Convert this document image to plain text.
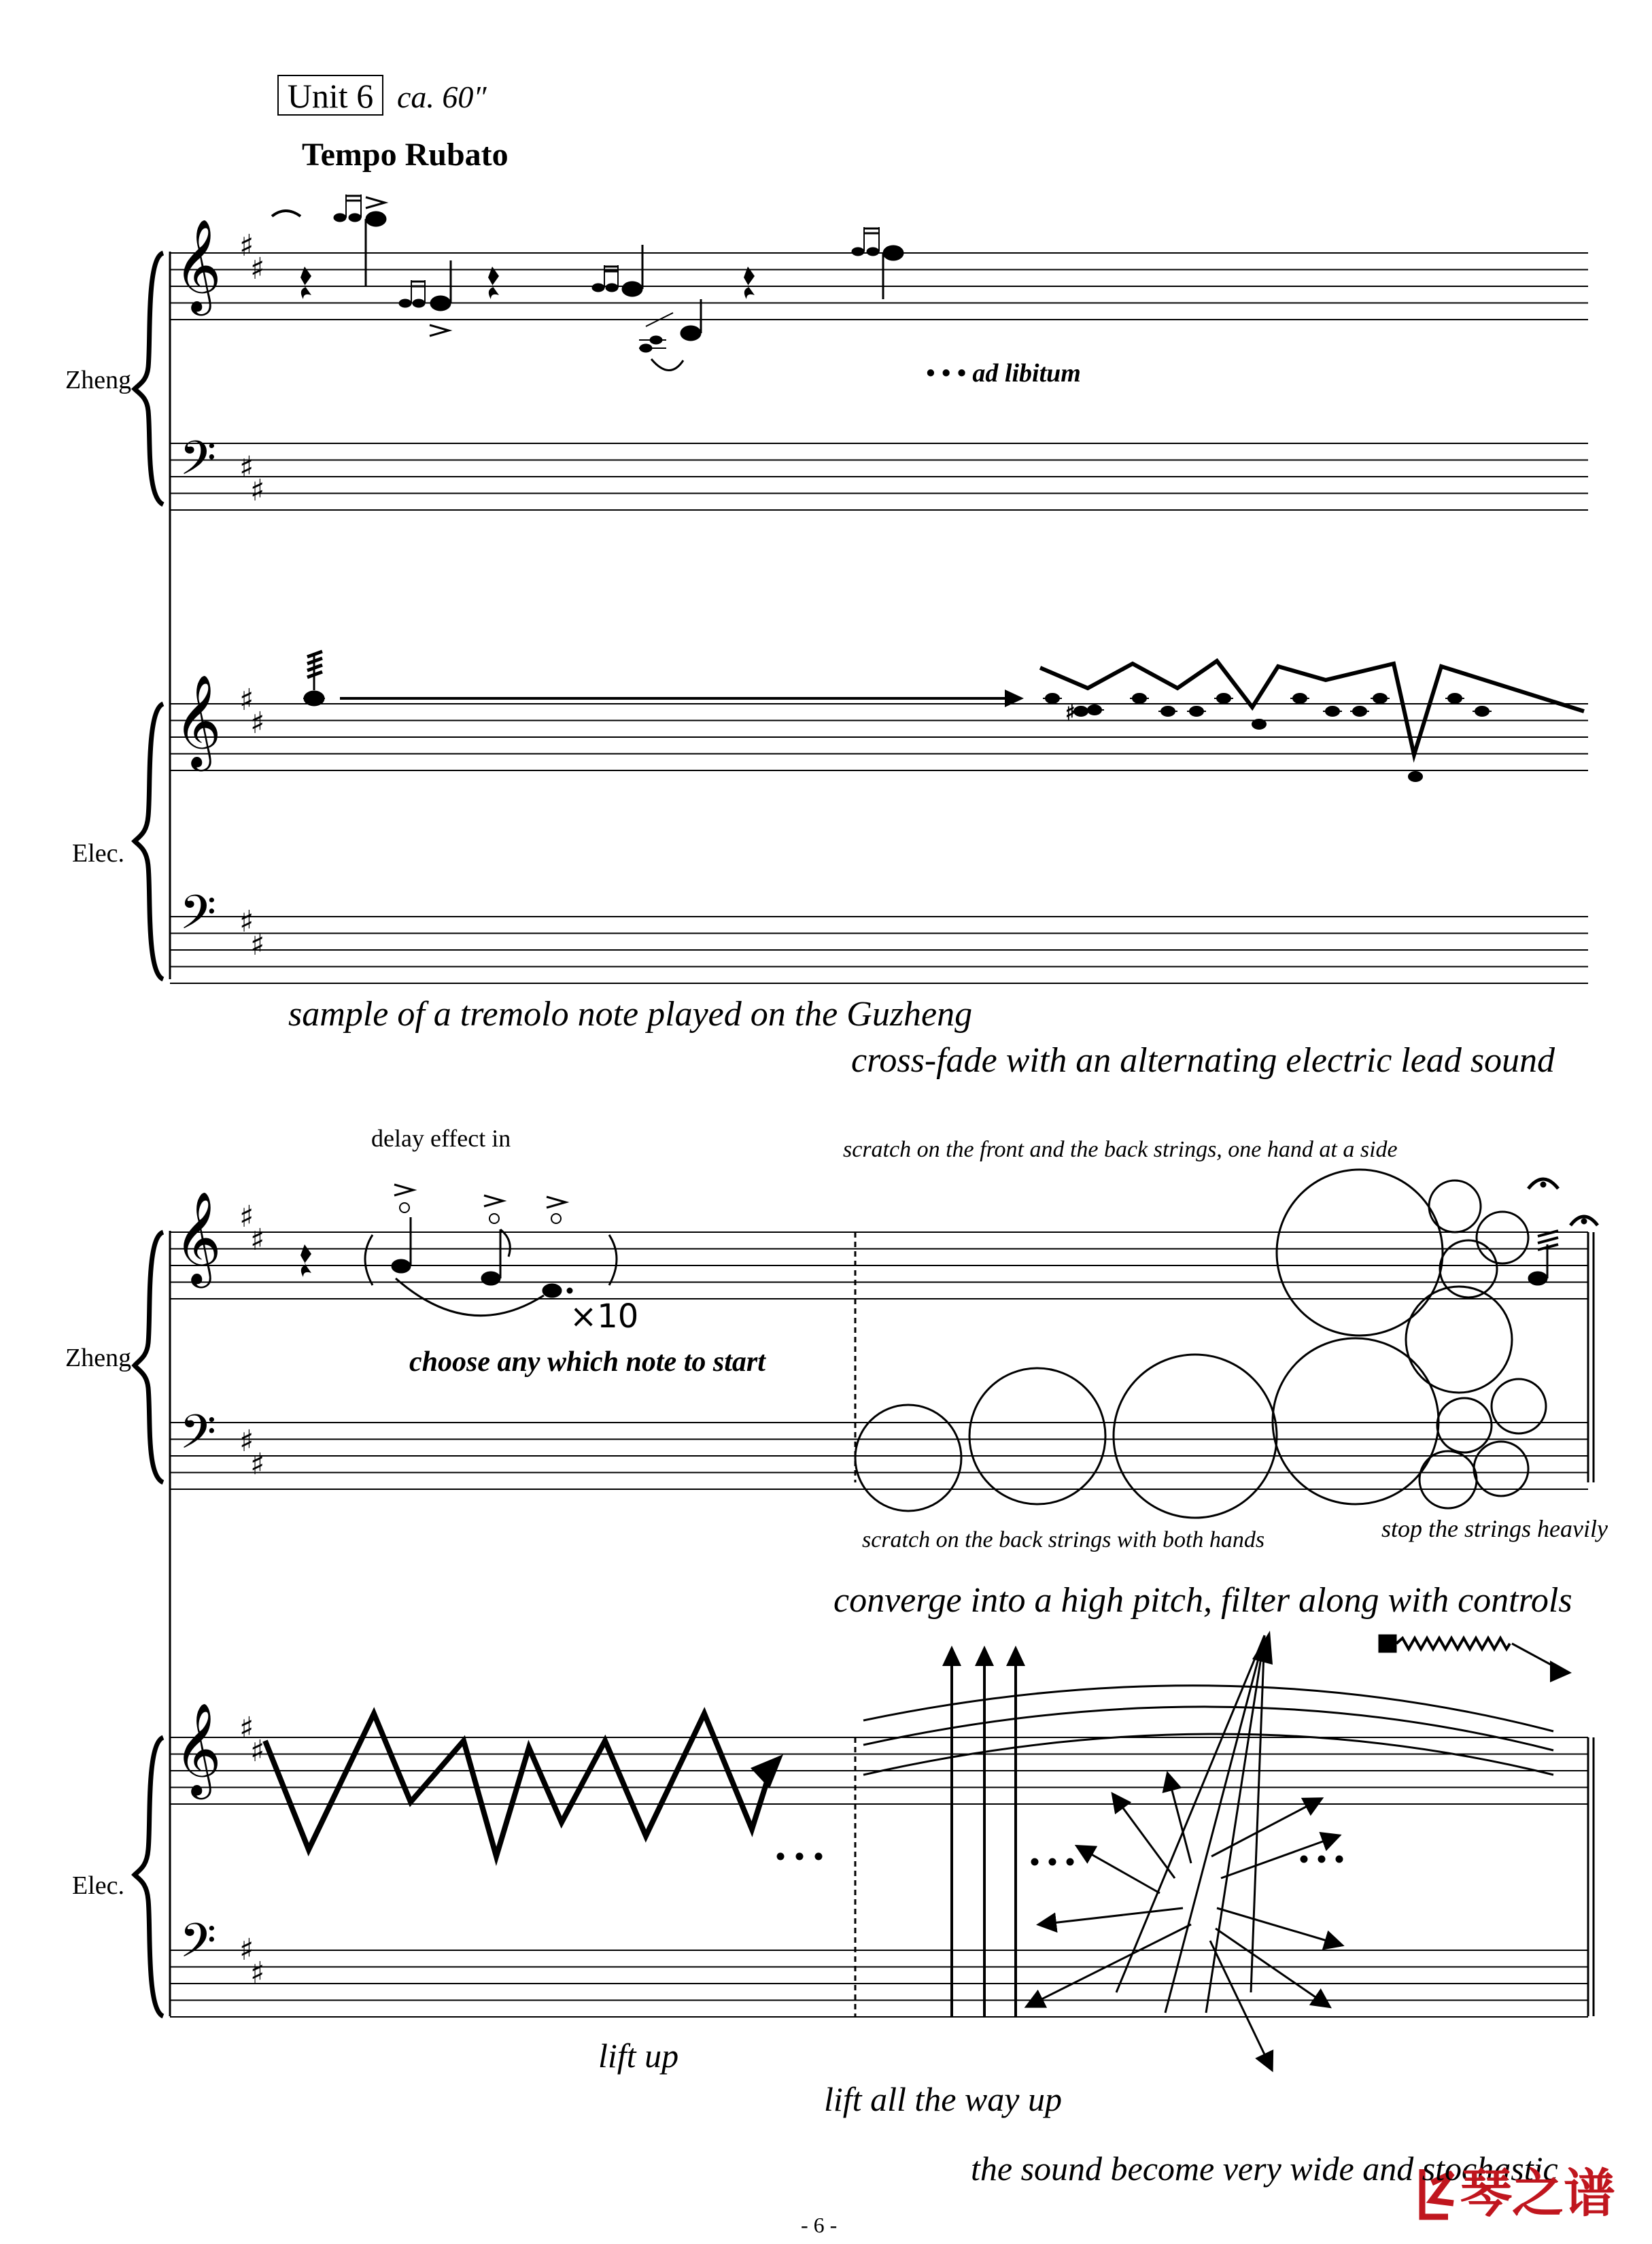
♯
Unit 6 ca. 60″
Tempo Rubato
𝄞
𝄢
𝄞
𝄢
𝄞
𝄢
𝄞
𝄢
♯
♯
♯
♯
♯
♯
♯
♯
♯
♯
♯
♯
♯
♯
♯
♯
Zheng
Elec.
• • • ad libitum
sample of a tremolo note played on the Guzheng
cross-fade with an alternating electric lead sound
Zheng
Elec.
delay effect in
×10
choose any which note to start
scratch on the front and the back strings, one hand at a side
scratch on the back strings with both hands	stop the strings heavily
converge into a high pitch, filter along with controls
lift up
lift all the way up
the sound become very wide and stochastic
- 6 -
琴之谱
